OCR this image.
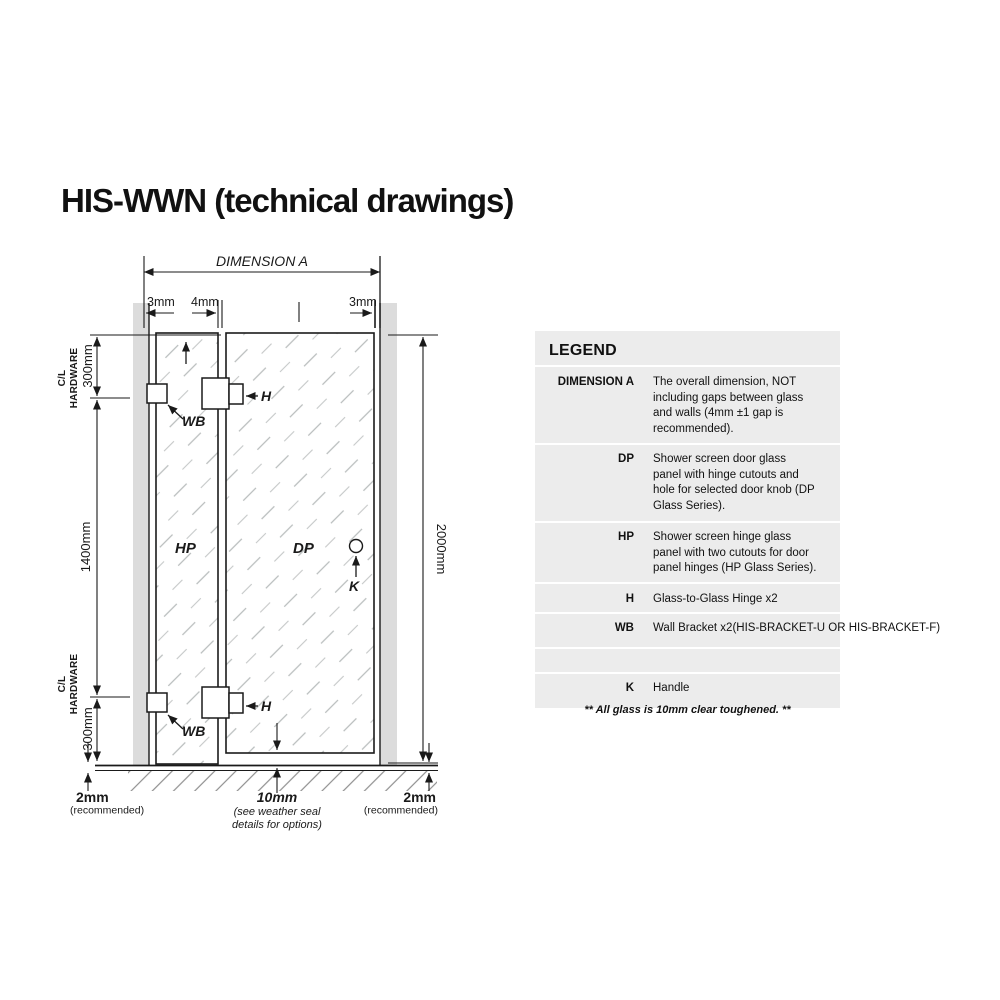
HIS-WWN (technical drawings)
DIMENSION A
3mm 4mm	3mm
C/L HARDWARE 300mm
1400mm
C/L HARDWARE
300mm
2000mm
2mm
(recommended)
10mm
(see weather seal
details for options)
2mm
(recommended)
H
WB
H
WB
K
HP	DP
LEGEND
DIMENSION A The overall dimension, NOT including gaps between glass and walls (4mm ±1 gap is recommended).
DP Shower screen door glass panel with hinge cutouts and hole for selected door knob (DP Glass Series).
HP Shower screen hinge glass panel with two cutouts for door panel hinges (HP Glass Series).
H Glass-to-Glass Hinge x2
WB Wall Bracket x2(HIS-BRACKET-U OR HIS-BRACKET-F)
K Handle
** All glass is 10mm clear toughened. **
